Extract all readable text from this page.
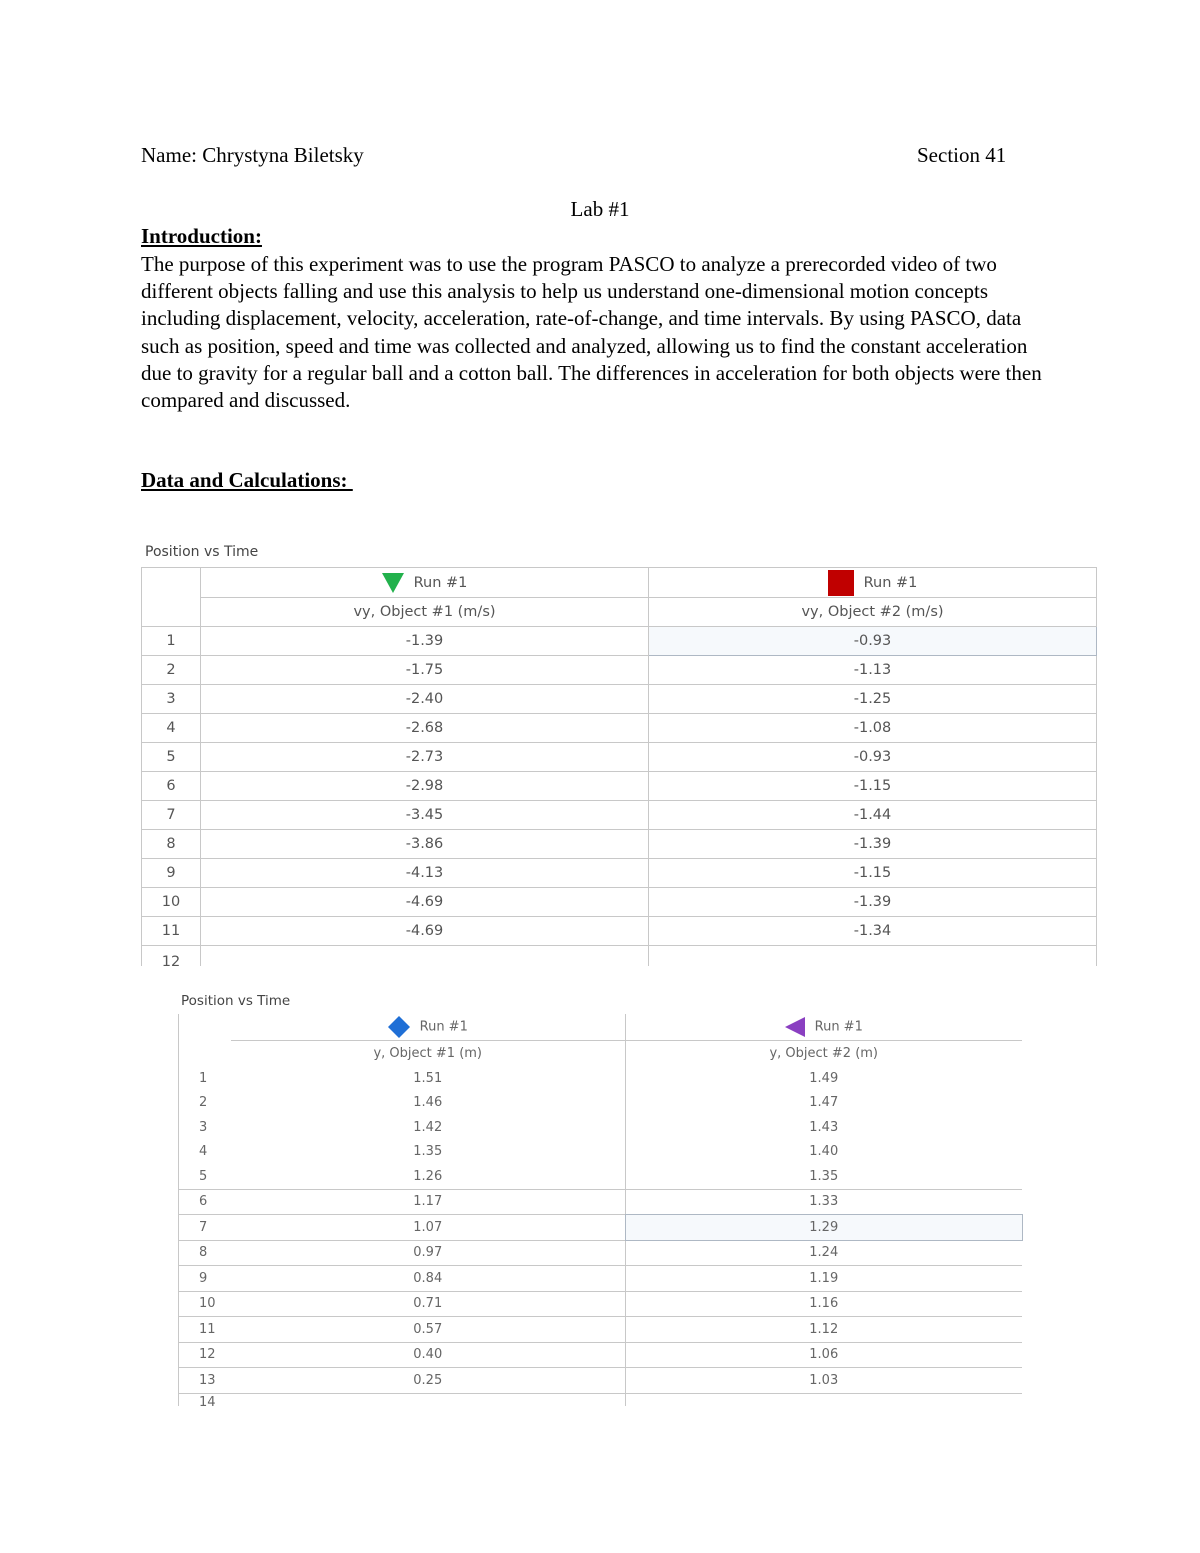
Name: Chrystyna Biletsky	Section 41
Lab #1
Introduction:
The purpose of this experiment was to use the program PASCO to analyze a prerecorded video of two different objects falling and use this analysis to help us understand one-dimensional motion concepts including displacement, velocity, acceleration, rate-of-change, and time intervals. By using PASCO, data such as position, speed and time was collected and analyzed, allowing us to find the constant acceleration due to gravity for a regular ball and a cotton ball. The differences in acceleration for both objects were then compared and discussed.
Data and Calculations:
Position vs Time
	Run #1	Run #1
	vy, Object #1 (m/s)	vy, Object #2 (m/s)
1	-1.39	-0.93
2	-1.75	-1.13
3	-2.40	-1.25
4	-2.68	-1.08
5	-2.73	-0.93
6	-2.98	-1.15
7	-3.45	-1.44
8	-3.86	-1.39
9	-4.13	-1.15
10	-4.69	-1.39
11	-4.69	-1.34
12		
Position vs Time
	Run #1	Run #1
	y, Object #1 (m)	y, Object #2 (m)
1	1.51	1.49
2	1.46	1.47
3	1.42	1.43
4	1.35	1.40
5	1.26	1.35
6	1.17	1.33
7	1.07	1.29
8	0.97	1.24
9	0.84	1.19
10	0.71	1.16
11	0.57	1.12
12	0.40	1.06
13	0.25	1.03
14		
